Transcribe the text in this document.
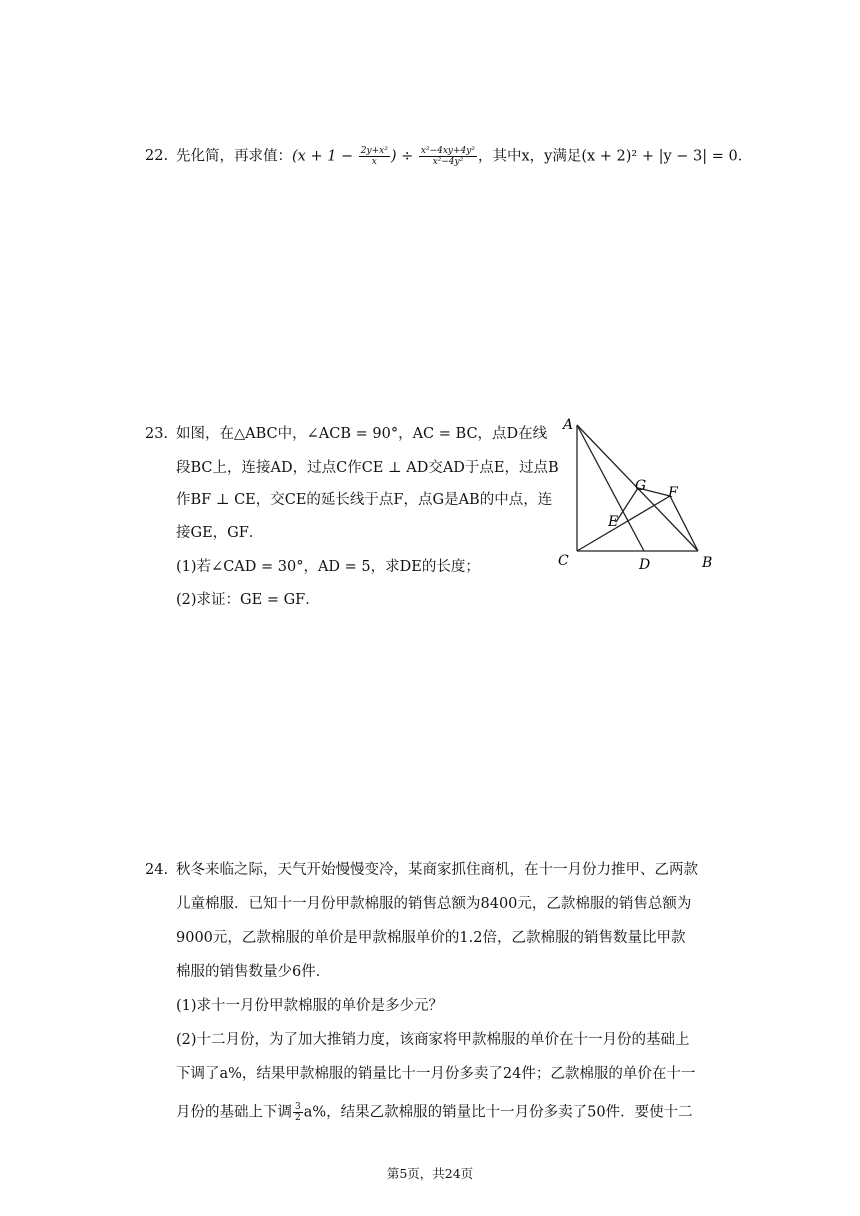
22. 先化简，再求值：($x + 1 - \frac{\text{2y+x²}}{x}$ ) ÷ $\frac{\text{x²−4xy+4y²}}{\text{x²−4y²}}$ ，其中x，y满足(x + 2)² + |y − 3| = 0．
23. 如图，在△ABC中，∠ACB = 90°，AC = BC，点D在线
段BC上，连接AD，过点C作CE ⊥ AD交AD于点E，过点B
作BF ⊥ CE，交CE的延长线于点F，点G是AB的中点，连
接GE，GF．
(1)若∠CAD = 30°，AD = 5，求DE的长度；
(2)求证：GE = GF．
A
B
C	D
E
F
G
24. 秋冬来临之际，天气开始慢慢变冷，某商家抓住商机，在十一月份力推甲、乙两款
儿童棉服．已知十一月份甲款棉服的销售总额为8400元，乙款棉服的销售总额为
9000元，乙款棉服的单价是甲款棉服单价的1.2倍，乙款棉服的销售数量比甲款
棉服的销售数量少6件．
(1)求十一月份甲款棉服的单价是多少元？
(2)十二月份，为了加大推销力度，该商家将甲款棉服的单价在十一月份的基础上
下调了a%，结果甲款棉服的销量比十一月份多卖了24件；乙款棉服的单价在十一
月份的基础上下调 $\frac{3}{2} a\%$，结果乙款棉服的销量比十一月份多卖了50件．要使十二
第5页，共24页
